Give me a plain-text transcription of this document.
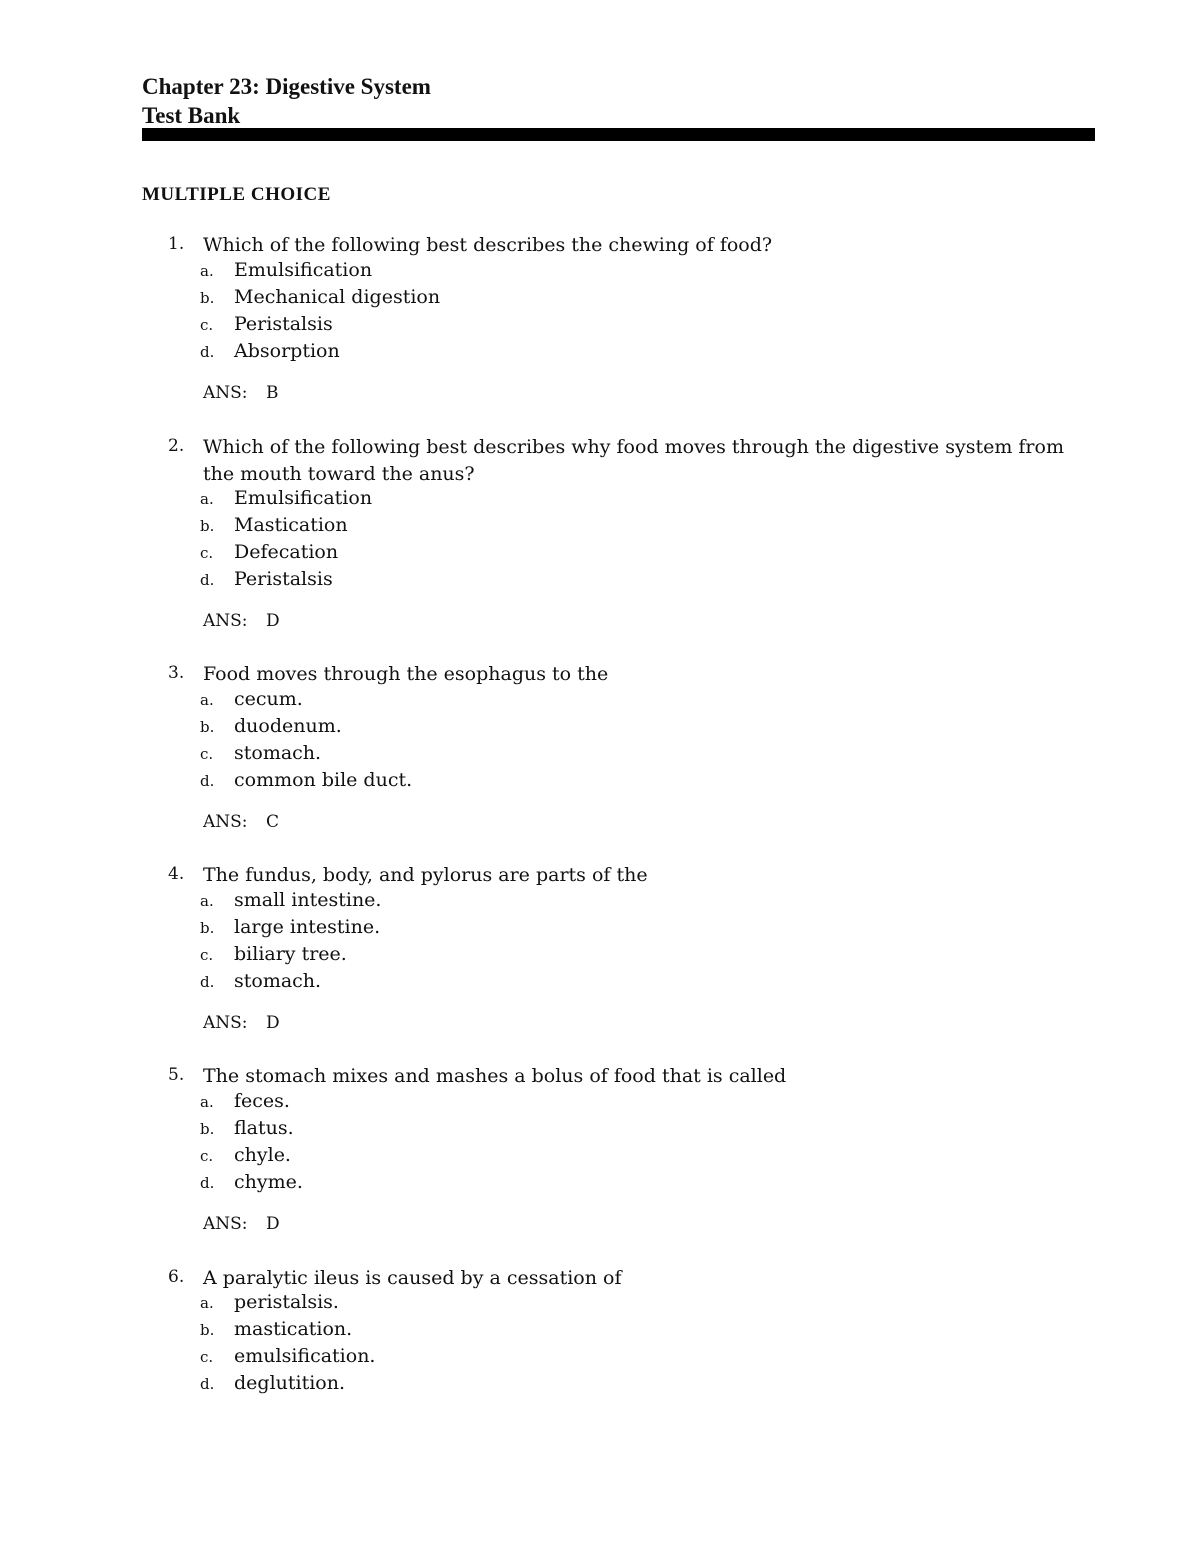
Chapter 23: Digestive System
Test Bank
MULTIPLE CHOICE
1. Which of the following best describes the chewing of food?
a. Emulsification
b. Mechanical digestion
c. Peristalsis
d. Absorption
ANS: B
2. Which of the following best describes why food moves through the digestive system from the mouth toward the anus?
a. Emulsification
b. Mastication
c. Defecation
d. Peristalsis
ANS: D
3. Food moves through the esophagus to the
a. cecum.
b. duodenum.
c. stomach.
d. common bile duct.
ANS: C
4. The fundus, body, and pylorus are parts of the
a. small intestine.
b. large intestine.
c. biliary tree.
d. stomach.
ANS: D
5. The stomach mixes and mashes a bolus of food that is called
a. feces.
b. flatus.
c. chyle.
d. chyme.
ANS: D
6. A paralytic ileus is caused by a cessation of
a. peristalsis.
b. mastication.
c. emulsification.
d. deglutition.
